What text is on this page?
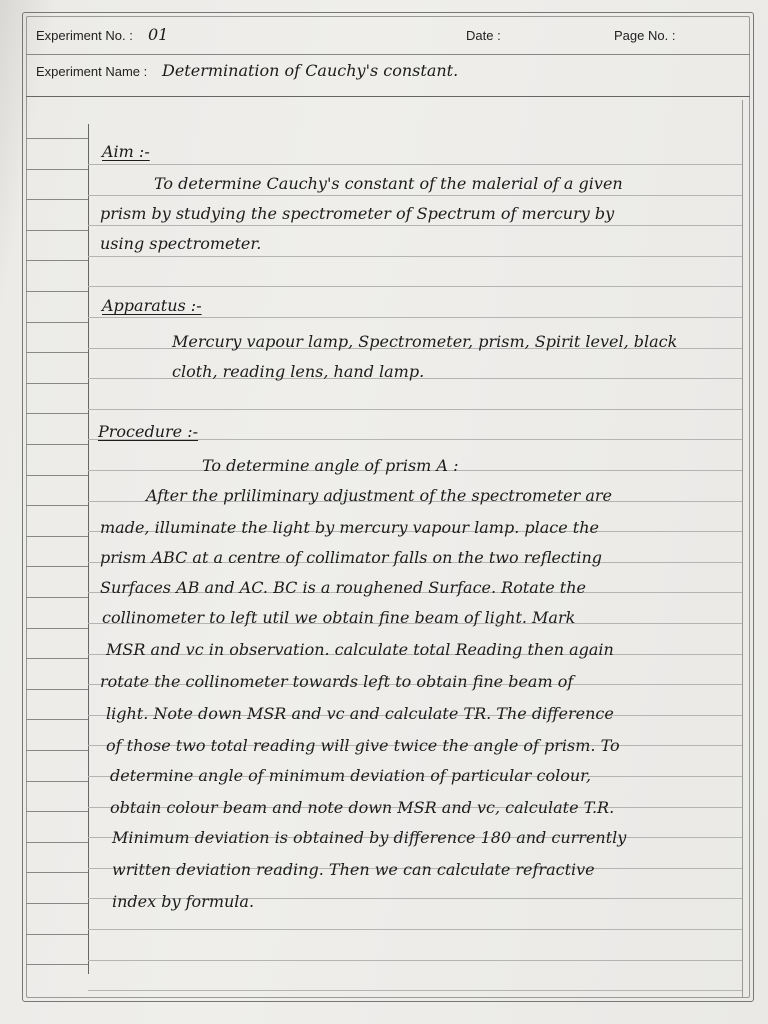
Experiment No. : 01	Date :	Page No. :
Experiment Name : Determination of Cauchy's constant.
Aim :-
To determine Cauchy's constant of the malerial of a given
prism by studying the spectrometer of Spectrum of mercury by
using spectrometer.
Apparatus :-
Mercury vapour lamp, Spectrometer, prism, Spirit level, black
cloth, reading lens, hand lamp.
Procedure :-
To determine angle of prism A :
After the prliliminary adjustment of the spectrometer are
made, illuminate the light by mercury vapour lamp. place the
prism ABC at a centre of collimator falls on the two reflecting
Surfaces AB and AC. BC is a roughened Surface. Rotate the
collinometer to left util we obtain fine beam of light. Mark
MSR and vc in observation. calculate total Reading then again
rotate the collinometer towards left to obtain fine beam of
light. Note down MSR and vc and calculate TR. The difference
of those two total reading will give twice the angle of prism. To
determine angle of minimum deviation of particular colour,
obtain colour beam and note down MSR and vc, calculate T.R.
Minimum deviation is obtained by difference 180 and currently
written deviation reading. Then we can calculate refractive
index by formula.
